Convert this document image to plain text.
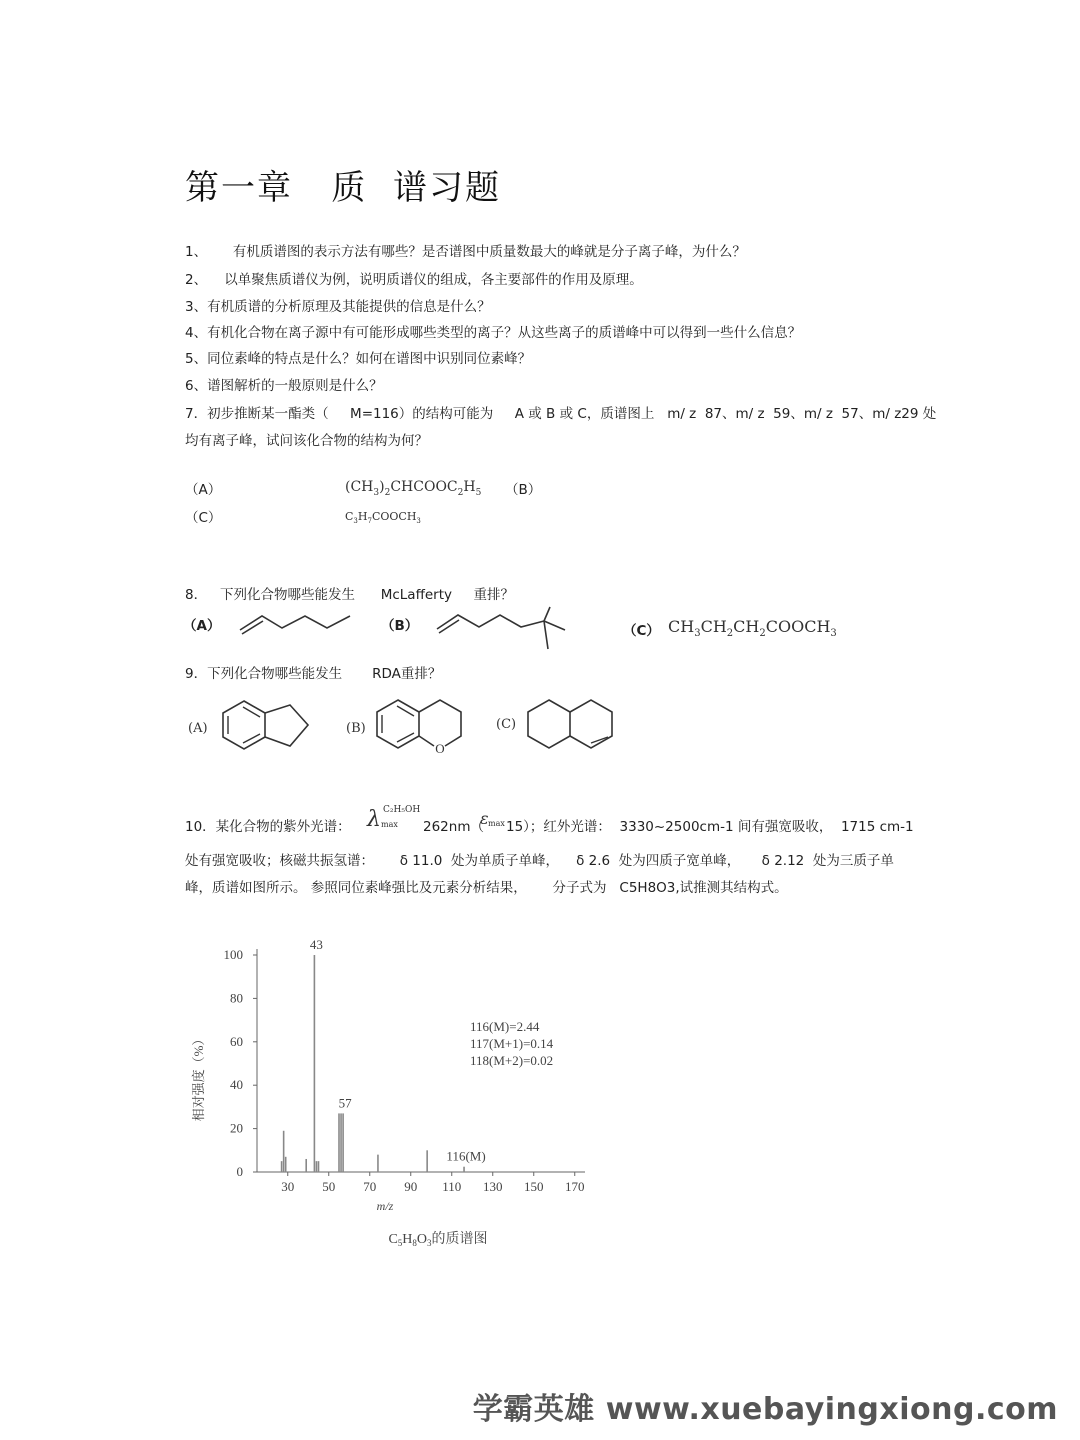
第一章   质  谱习题
1、      有机质谱图的表示方法有哪些？是否谱图中质量数最大的峰就是分子离子峰，为什么？
2、    以单聚焦质谱仪为例，说明质谱仪的组成，各主要部件的作用及原理。
3、有机质谱的分析原理及其能提供的信息是什么？
4、有机化合物在离子源中有可能形成哪些类型的离子？从这些离子的质谱峰中可以得到一些什么信息？
5、同位素峰的特点是什么？如何在谱图中识别同位素峰？
6、谱图解析的一般原则是什么？
7．初步推断某一酯类（     M=116）的结构可能为     A 或 B 或 C，质谱图上   m/ z  87、m/ z  59、m/ z  57、m/ z29 处
均有离子峰，试问该化合物的结构为何？
（A）	$(CH_3)_2CHCOOC_2H_5$ （B）
（C）	$C_3H_7COOCH_3$
8．   下列化合物哪些能发生      McLafferty     重排？
（A）	（B）	（C） $CH_3CH_2CH_2COOCH_3$
9．下列化合物哪些能发生       RDA重排？
(A)	(B)
O
(C)

10．某化合物的紫外光谱：

λ

C₂H₅OH

max

262nm（

ε

max

15）；红外光谱：  3330~2500cm-1 间有强宽吸收，  1715 cm-1

处有强宽吸收；核磁共振氢谱：      δ 11.0  处为单质子单峰，    δ 2.6  处为四质子宽单峰，     δ 2.12  处为三质子单
峰，质谱如图所示。 参照同位素峰强比及元素分析结果，      分子式为   C5H8O3,试推测其结构式。
相对强度（%）
m/z
$C_5H_8O_3$的质谱图
0
20
40
60
80
100
30 50 70 90 110 130 150 170
43
57
116(M)
116(M)=2.44
117(M+1)=0.14
118(M+2)=0.02
学霸英雄 www.xuebayingxiong.com
